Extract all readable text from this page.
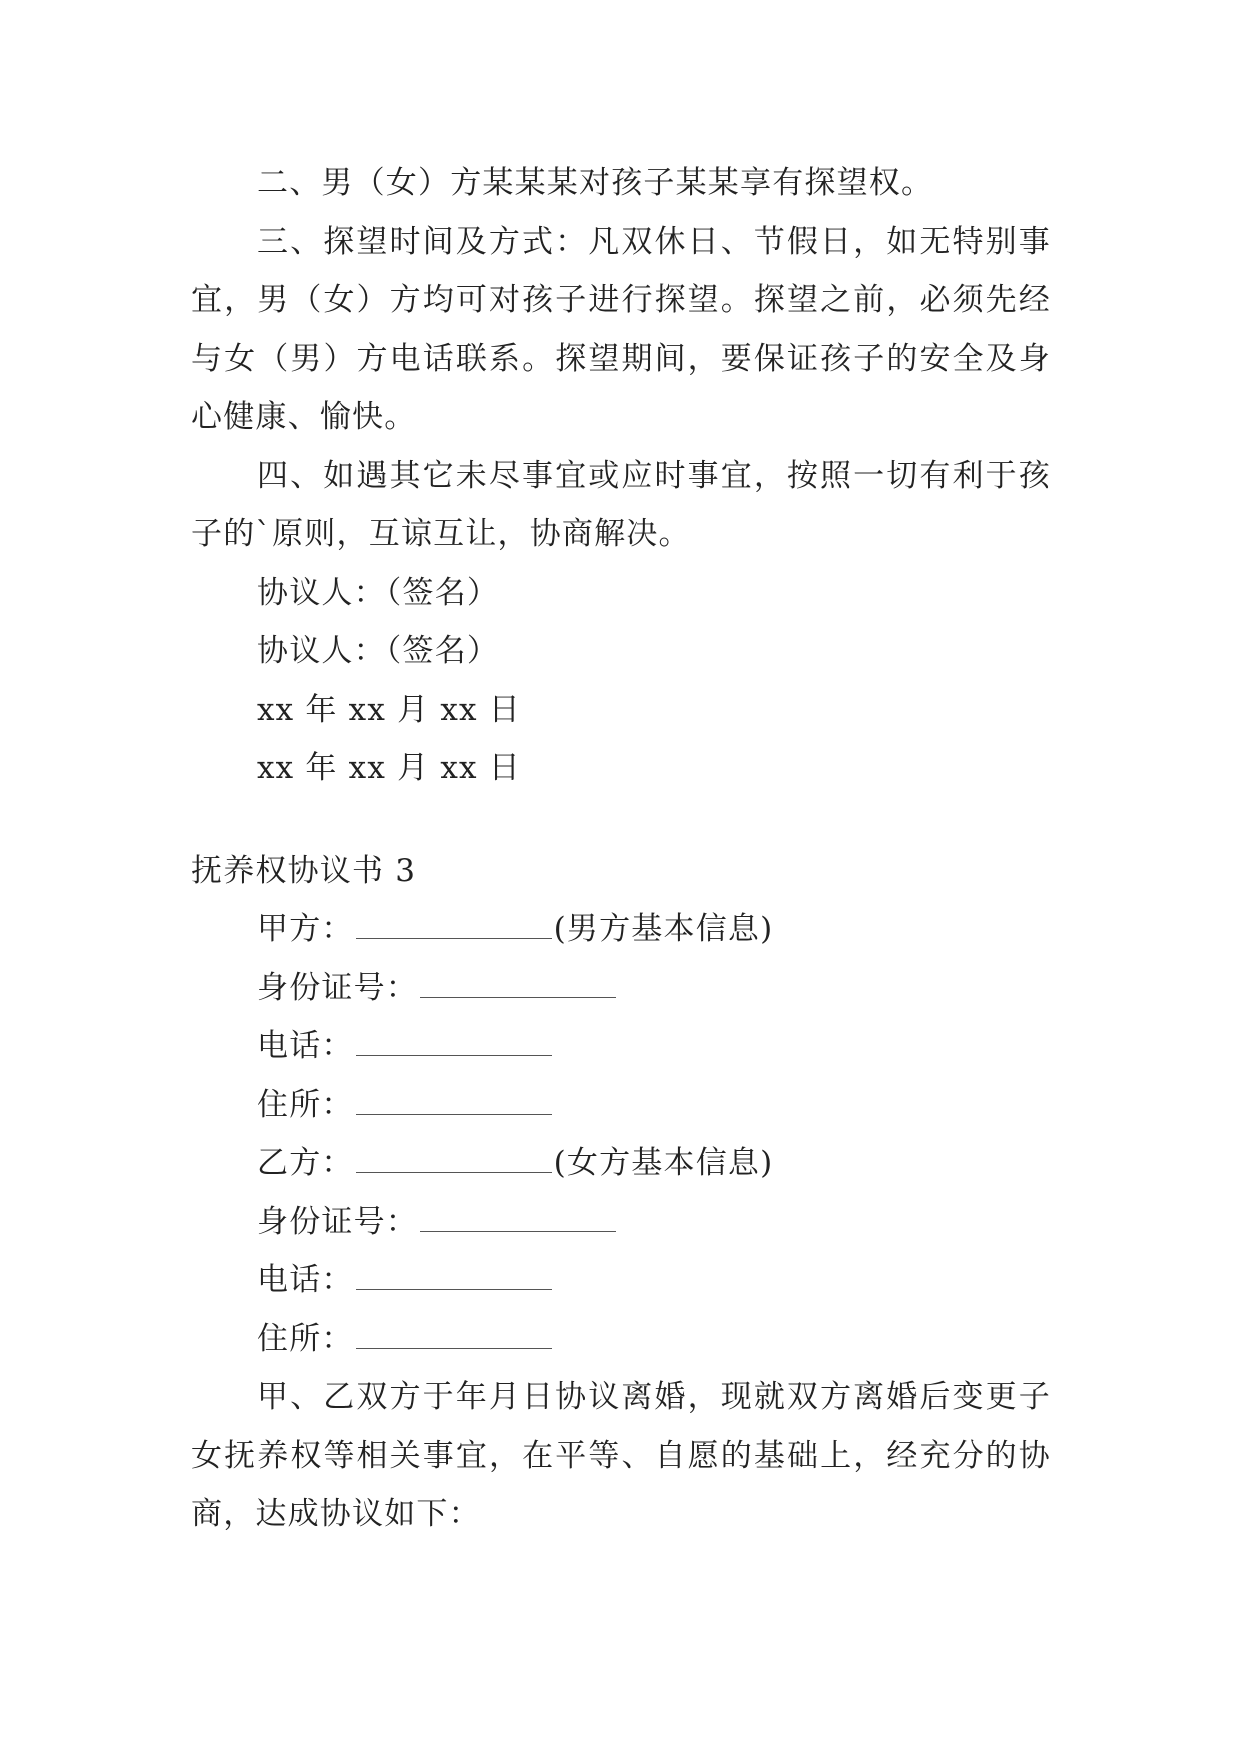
二、男（女）方某某某对孩子某某享有探望权。

三、探望时间及方式：凡双休日、节假日，如无特别事宜，男（女）方均可对孩子进行探望。探望之前，必须先经与女（男）方电话联系。探望期间，要保证孩子的安全及身心健康、愉快。

四、如遇其它未尽事宜或应时事宜，按照一切有利于孩子的`原则，互谅互让，协商解决。

协议人：（签名）

协议人：（签名）

xx 年 xx 月 xx 日

xx 年 xx 月 xx 日

抚养权协议书 3

甲方：	(男方基本信息)

身份证号：

电话：

住所：

乙方：	(女方基本信息)

身份证号：

电话：

住所：

甲、乙双方于年月日协议离婚，现就双方离婚后变更子女抚养权等相关事宜，在平等、自愿的基础上，经充分的协商，达成协议如下：
